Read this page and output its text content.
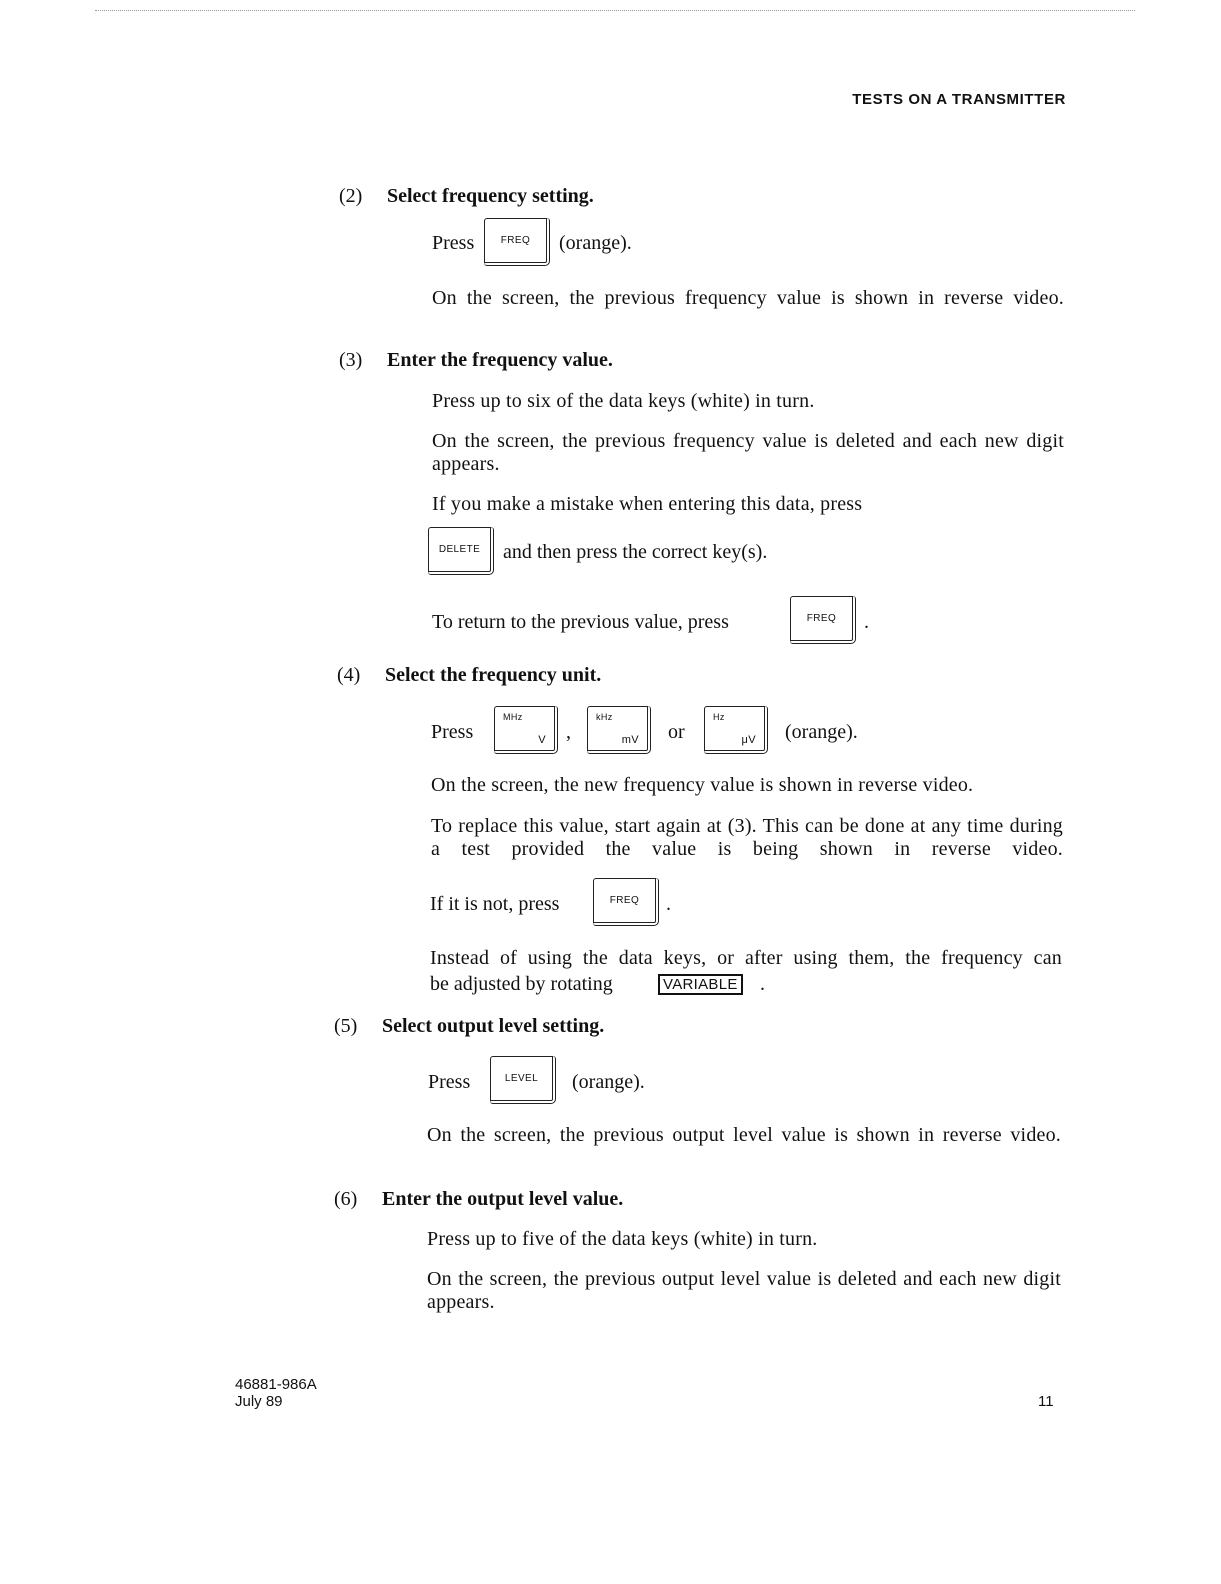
TESTS ON A TRANSMITTER
(2) Select frequency setting.
Press	FREQ	(orange).
On the screen, the previous frequency value is shown in reverse video.
(3) Enter the frequency value.
Press up to six of the data keys (white) in turn.
On the screen, the previous frequency value is deleted and each new digit appears.
If you make a mistake when entering this data, press
DELETE	and then press the correct key(s).
To return to the previous value, press	FREQ	.
(4) Select the frequency unit.
Press
MHz
V ,
kHz
mV or
Hz
μV (orange).
On the screen, the new frequency value is shown in reverse video.
To replace this value, start again at (3). This can be done at any time during a test provided the value is being shown in reverse video.
If it is not, press	FREQ	.
Instead of using the data keys, or after using them, the frequency can
be adjusted by rotating	VARIABLE .
(5) Select output level setting.
Press	LEVEL	(orange).
On the screen, the previous output level value is shown in reverse video.
(6) Enter the output level value.
Press up to five of the data keys (white) in turn.
On the screen, the previous output level value is deleted and each new digit appears.
46881-986A
July 89	11
